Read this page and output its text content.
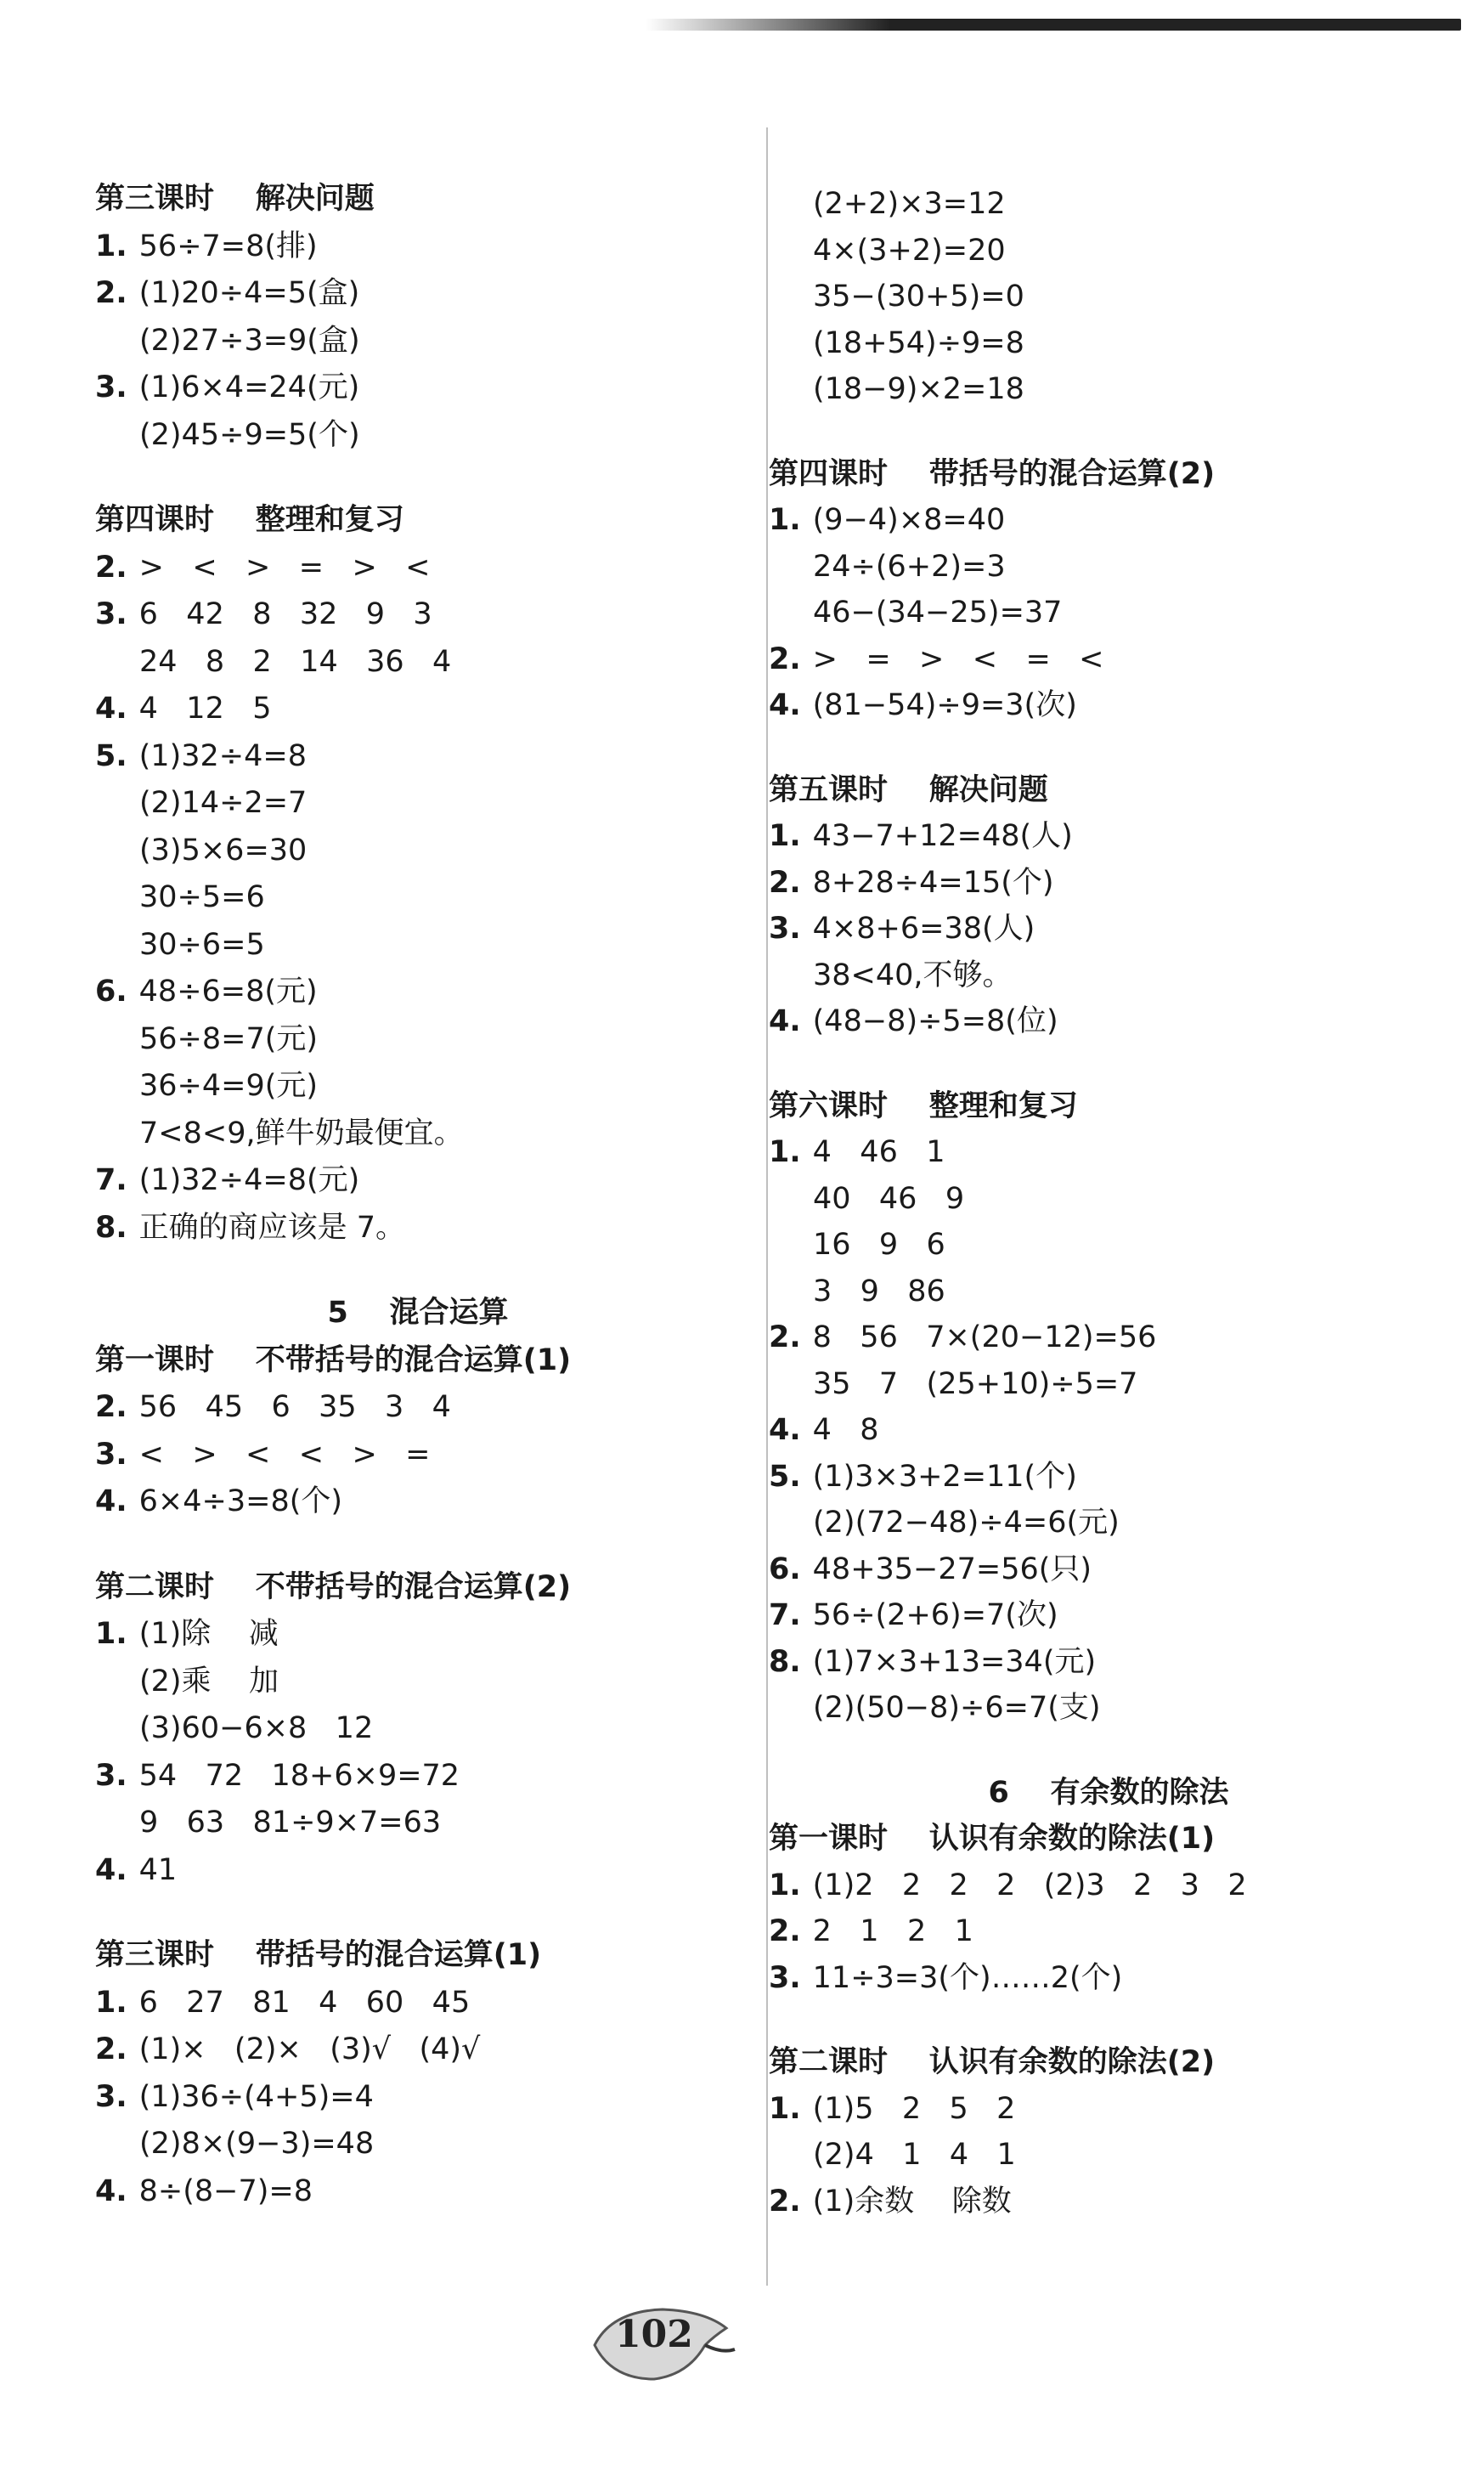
第三课时    解决问题
1. 56÷7=8(排)
2. (1)20÷4=5(盒)
(2)27÷3=9(盒)
3. (1)6×4=24(元)
(2)45÷9=5(个)
第四课时    整理和复习
2. >   <   >   =   >   <
3. 6   42   8   32   9   3
24   8   2   14   36   4
4. 4   12   5
5. (1)32÷4=8
(2)14÷2=7
(3)5×6=30
30÷5=6
30÷6=5
6. 48÷6=8(元)
56÷8=7(元)
36÷4=9(元)
7<8<9,鲜牛奶最便宜。
7. (1)32÷4=8(元)
8. 正确的商应该是 7。
5    混合运算
第一课时    不带括号的混合运算(1)
2. 56   45   6   35   3   4
3. <   >   <   <   >   =
4. 6×4÷3=8(个)
第二课时    不带括号的混合运算(2)
1. (1)除    减
(2)乘    加
(3)60−6×8   12
3. 54   72   18+6×9=72
9   63   81÷9×7=63
4. 41
第三课时    带括号的混合运算(1)
1. 6   27   81   4   60   45
2. (1)×   (2)×   (3)√   (4)√
3. (1)36÷(4+5)=4
(2)8×(9−3)=48
4. 8÷(8−7)=8
(2+2)×3=12
4×(3+2)=20
35−(30+5)=0
(18+54)÷9=8
(18−9)×2=18
第四课时    带括号的混合运算(2)
1. (9−4)×8=40
24÷(6+2)=3
46−(34−25)=37
2. >   =   >   <   =   <
4. (81−54)÷9=3(次)
第五课时    解决问题
1. 43−7+12=48(人)
2. 8+28÷4=15(个)
3. 4×8+6=38(人)
38<40,不够。
4. (48−8)÷5=8(位)
第六课时    整理和复习
1. 4   46   1
40   46   9
16   9   6
3   9   86
2. 8   56   7×(20−12)=56
35   7   (25+10)÷5=7
4. 4   8
5. (1)3×3+2=11(个)
(2)(72−48)÷4=6(元)
6. 48+35−27=56(只)
7. 56÷(2+6)=7(次)
8. (1)7×3+13=34(元)
(2)(50−8)÷6=7(支)
6    有余数的除法
第一课时    认识有余数的除法(1)
1. (1)2   2   2   2   (2)3   2   3   2
2. 2   1   2   1
3. 11÷3=3(个)……2(个)
第二课时    认识有余数的除法(2)
1. (1)5   2   5   2
(2)4   1   4   1
2. (1)余数    除数
102
